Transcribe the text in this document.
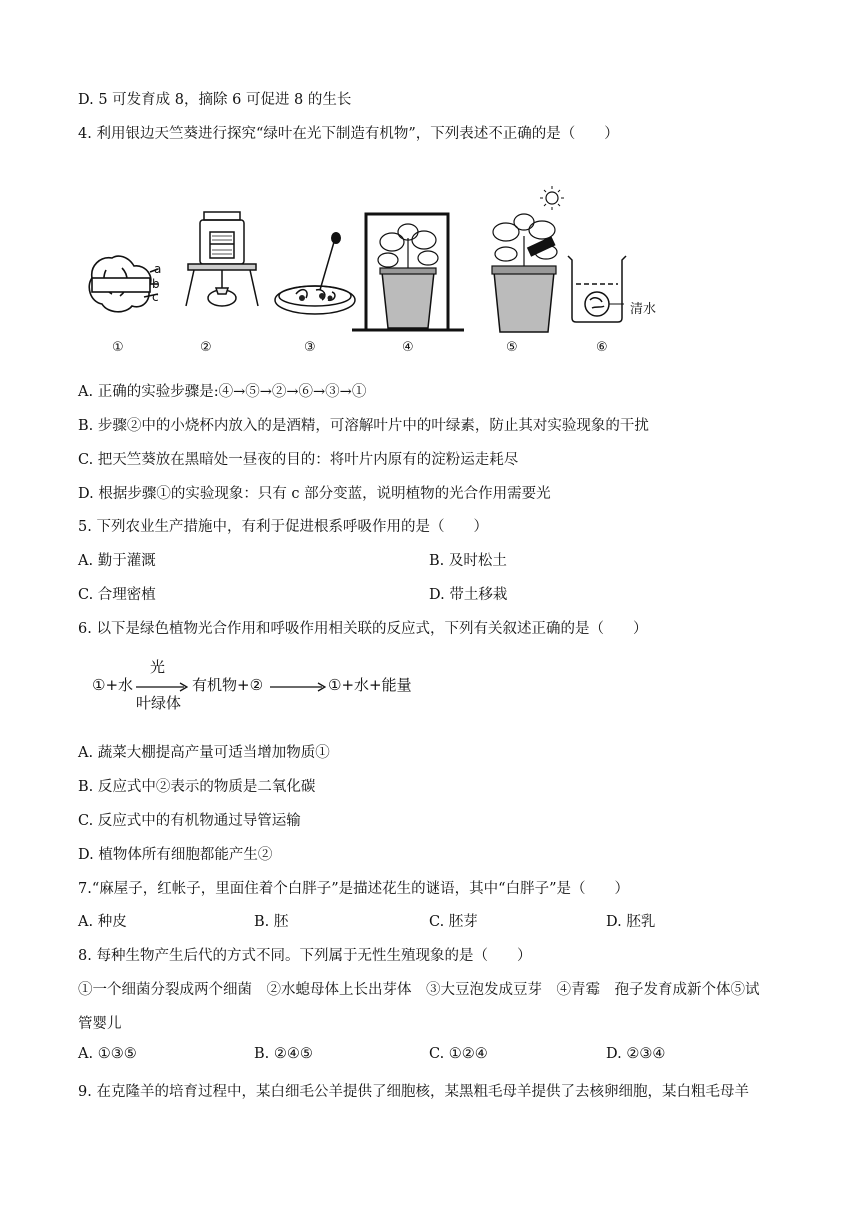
D. 5 可发育成 8，摘除 6 可促进 8 的生长
4. 利用银边天竺葵进行探究“绿叶在光下制造有机物”，下列表述不正确的是（　　）
a
b
c
清水
①	②	③	④	⑤	⑥
A. 正确的实验步骤是:④→⑤→②→⑥→③→①
B. 步骤②中的小烧杯内放入的是酒精，可溶解叶片中的叶绿素，防止其对实验现象的干扰
C. 把天竺葵放在黑暗处一昼夜的目的：将叶片内原有的淀粉运走耗尽
D. 根据步骤①的实验现象：只有 c 部分变蓝，说明植物的光合作用需要光
5. 下列农业生产措施中，有利于促进根系呼吸作用的是（　　）
A. 勤于灌溉	B. 及时松土
C. 合理密植	D. 带土移栽
6. 以下是绿色植物光合作用和呼吸作用相关联的反应式，下列有关叙述正确的是（　　）
①+水
光
叶绿体
有机物+②	①+水+能量
A. 蔬菜大棚提高产量可适当增加物质①
B. 反应式中②表示的物质是二氧化碳
C. 反应式中的有机物通过导管运输
D. 植物体所有细胞都能产生②
7.“麻屋子，红帐子，里面住着个白胖子”是描述花生的谜语，其中“白胖子”是（　　）
A. 种皮	B. 胚	C. 胚芽	D. 胚乳
8. 每种生物产生后代的方式不同。下列属于无性生殖现象的是（　　）
①一个细菌分裂成两个细菌　②水螅母体上长出芽体　③大豆泡发成豆芽　④青霉　孢子发育成新个体⑤试
管婴儿
A. ①③⑤	B. ②④⑤	C. ①②④	D. ②③④
9. 在克隆羊的培育过程中，某白细毛公羊提供了细胞核，某黑粗毛母羊提供了去核卵细胞，某白粗毛母羊
